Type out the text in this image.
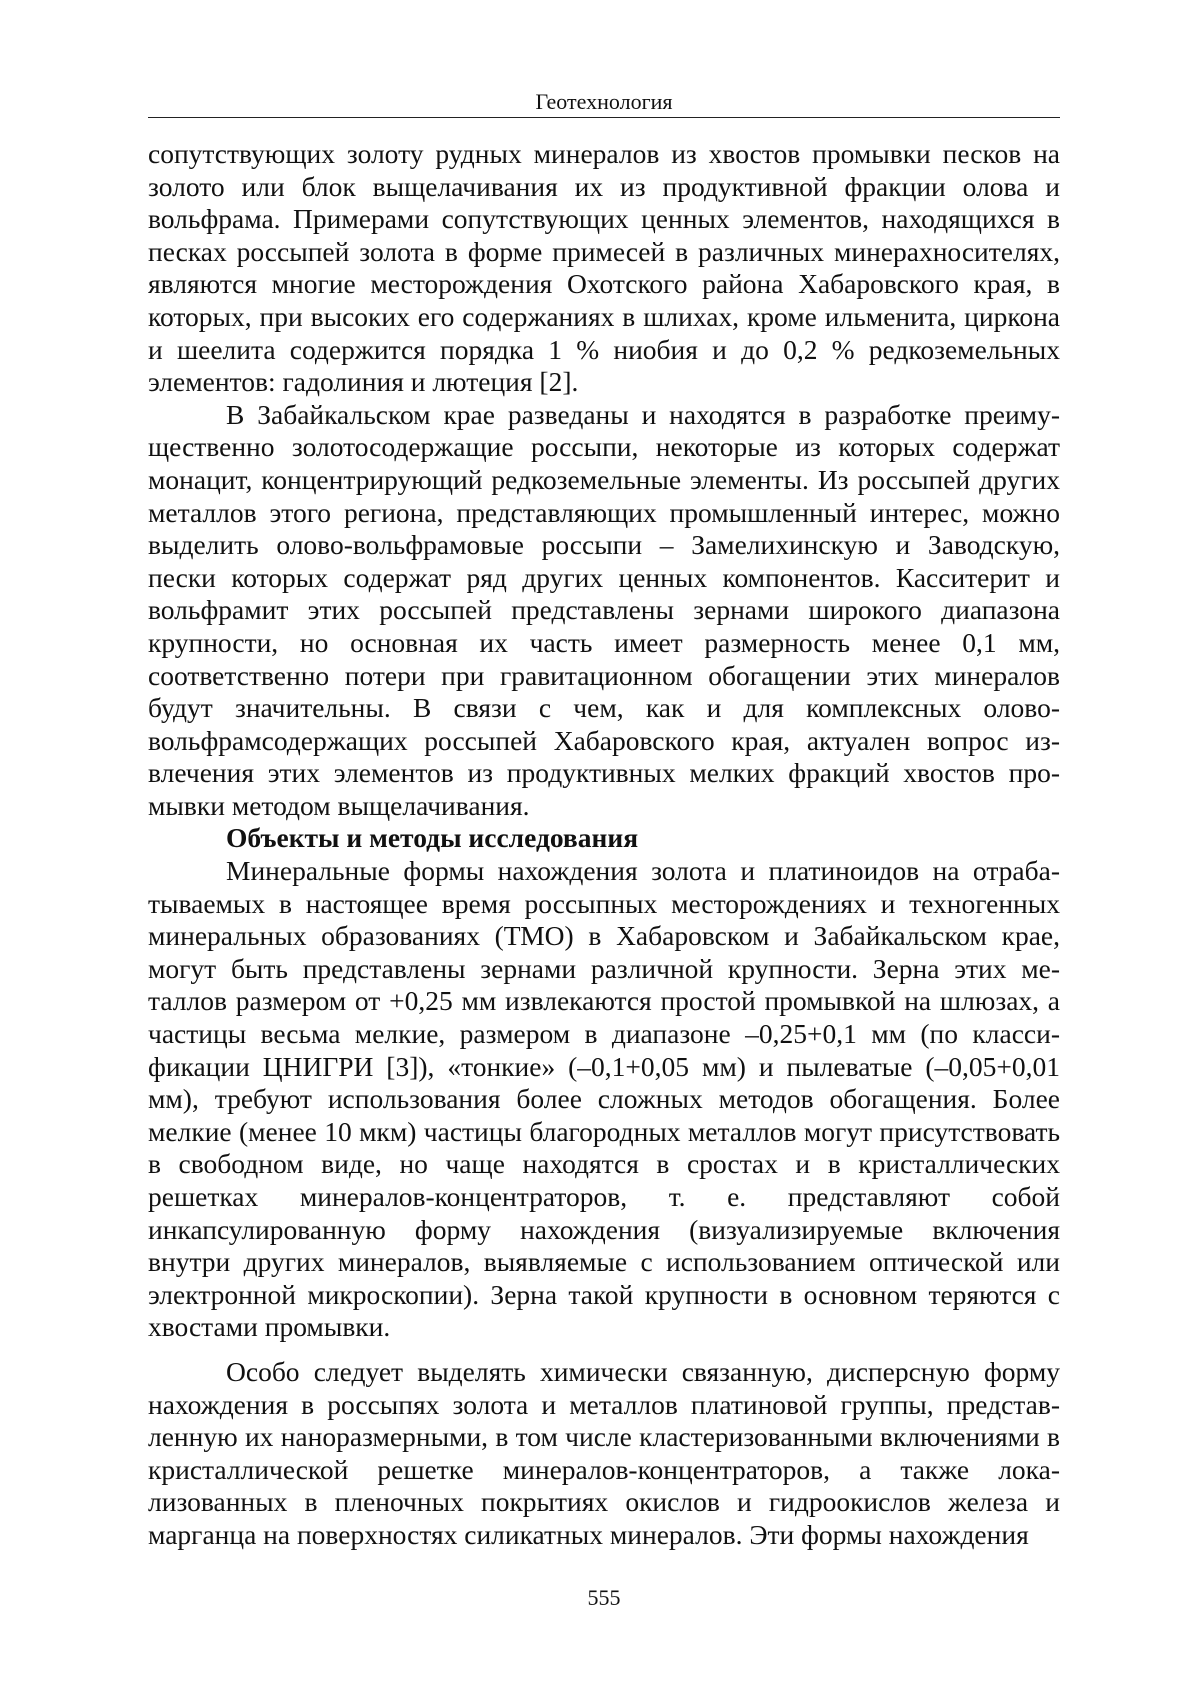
Геотехнология

сопутствующих золоту рудных минералов из хвостов промывки песков на золото или блок выщелачивания их из продуктивной фракции олова и вольфрама. Примерами сопутствующих ценных элементов, находящихся в песках россыпей золота в форме примесей в различных минерахносителях, являются многие месторождения Охотского района Хабаровского края, в которых, при высоких его содержаниях в шлихах, кроме ильменита, циркона и шеелита содержится порядка 1 % ниобия и до 0,2 % редкоземельных элементов: гадолиния и лютеция [2].

В Забайкальском крае разведаны и находятся в разработке преимущественно золотосодержащие россыпи, некоторые из которых содержат монацит, концентрирующий редкоземельные элементы. Из россыпей других металлов этого региона, представляющих промышленный интерес, можно выделить олово-вольфрамовые россыпи – Замелихинскую и Заводскую, пески которых содержат ряд других ценных компонентов. Касситeрит и вольфрамит этих россыпей представлены зернами широкого диапазона крупности, но основная их часть имеет размерность менее 0,1 мм, соответственно потери при гравитационном обогащении этих минералов будут значительны. В связи с чем, как и для комплексных олово-вольфрамсодержащих россыпей Хабаровского края, актуален вопрос извлечения этих элементов из продуктивных мелких фракций хвостов промывки методом выщелачивания.

Объекты и методы исследования

Минеральные формы нахождения золота и платиноидов на отрабатываемых в настоящее время россыпных месторождениях и техногенных минеральных образованиях (ТМО) в Хабаровском и Забайкальском крае, могут быть представлены зернами различной крупности. Зерна этих металлов размером от +0,25 мм извлекаются простой промывкой на шлюзах, а частицы весьма мелкие, размером в диапазоне –0,25+0,1 мм (по классификации ЦНИГРИ [3]), «тонкие» (–0,1+0,05 мм) и пылеватые (–0,05+0,01 мм), требуют использования более сложных методов обогащения. Более мелкие (менее 10 мкм) частицы благородных металлов могут присутствовать в свободном виде, но чаще находятся в сростах и в кристаллических решетках минералов-концентраторов, т. е. представляют собой инкапсулированную форму нахождения (визуализируемые включения внутри других минералов, выявляемые с использованием оптической или электронной микроскопии). Зерна такой крупности в основном теряются с хвостами промывки.

Особо следует выделять химически связанную, дисперсную форму нахождения в россыпях золота и металлов платиновой группы, представленную их наноразмерными, в том числе кластеризованными включениями в кристаллической решетке минералов-концентраторов, а также локализованных в пленочных покрытиях окислов и гидроокислов железа и марганца на поверхностях силикатных минералов. Эти формы нахождения

555
